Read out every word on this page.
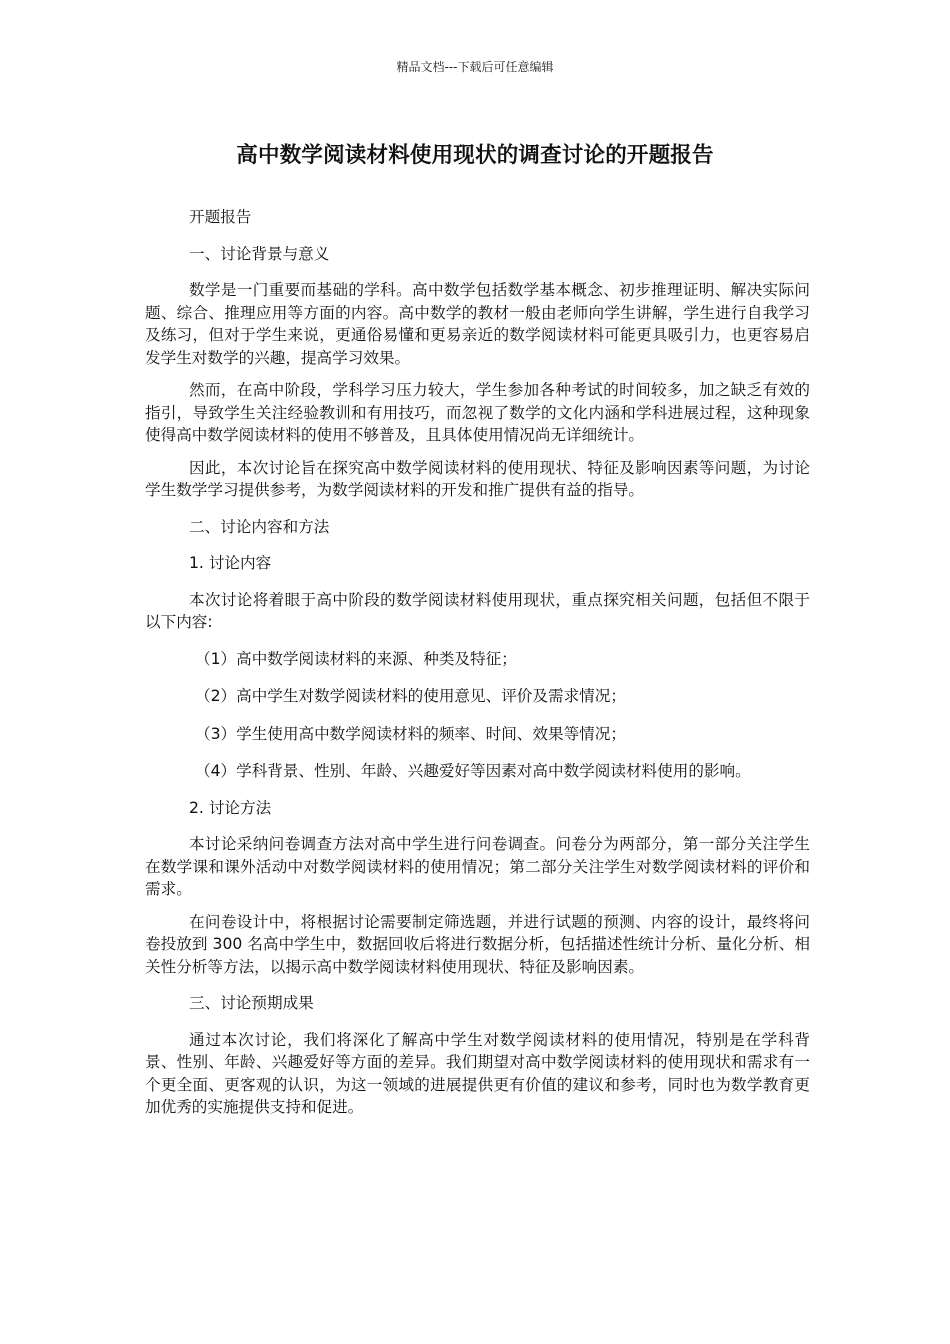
精品文档---下载后可任意编辑
高中数学阅读材料使用现状的调查讨论的开题报告
开题报告
一、讨论背景与意义

数学是一门重要而基础的学科。高中数学包括数学基本概念、初步推理证明、解决实际问题、综合、推理应用等方面的内容。高中数学的教材一般由老师向学生讲解，学生进行自我学习及练习，但对于学生来说，更通俗易懂和更易亲近的数学阅读材料可能更具吸引力，也更容易启发学生对数学的兴趣，提高学习效果。

然而，在高中阶段，学科学习压力较大，学生参加各种考试的时间较多，加之缺乏有效的指引，导致学生关注经验教训和有用技巧，而忽视了数学的文化内涵和学科进展过程，这种现象使得高中数学阅读材料的使用不够普及，且具体使用情况尚无详细统计。

因此，本次讨论旨在探究高中数学阅读材料的使用现状、特征及影响因素等问题，为讨论学生数学学习提供参考，为数学阅读材料的开发和推广提供有益的指导。

二、讨论内容和方法
1. 讨论内容

本次讨论将着眼于高中阶段的数学阅读材料使用现状，重点探究相关问题，包括但不限于以下内容:

（1）高中数学阅读材料的来源、种类及特征；
（2）高中学生对数学阅读材料的使用意见、评价及需求情况；
（3）学生使用高中数学阅读材料的频率、时间、效果等情况；
（4）学科背景、性别、年龄、兴趣爱好等因素对高中数学阅读材料使用的影响。
2. 讨论方法

本讨论采纳问卷调查方法对高中学生进行问卷调查。问卷分为两部分，第一部分关注学生在数学课和课外活动中对数学阅读材料的使用情况；第二部分关注学生对数学阅读材料的评价和需求。

在问卷设计中，将根据讨论需要制定筛选题，并进行试题的预测、内容的设计，最终将问卷投放到 300 名高中学生中，数据回收后将进行数据分析，包括描述性统计分析、量化分析、相关性分析等方法，以揭示高中数学阅读材料使用现状、特征及影响因素。

三、讨论预期成果

通过本次讨论，我们将深化了解高中学生对数学阅读材料的使用情况，特别是在学科背景、性别、年龄、兴趣爱好等方面的差异。我们期望对高中数学阅读材料的使用现状和需求有一个更全面、更客观的认识，为这一领域的进展提供更有价值的建议和参考，同时也为数学教育更加优秀的实施提供支持和促进。
